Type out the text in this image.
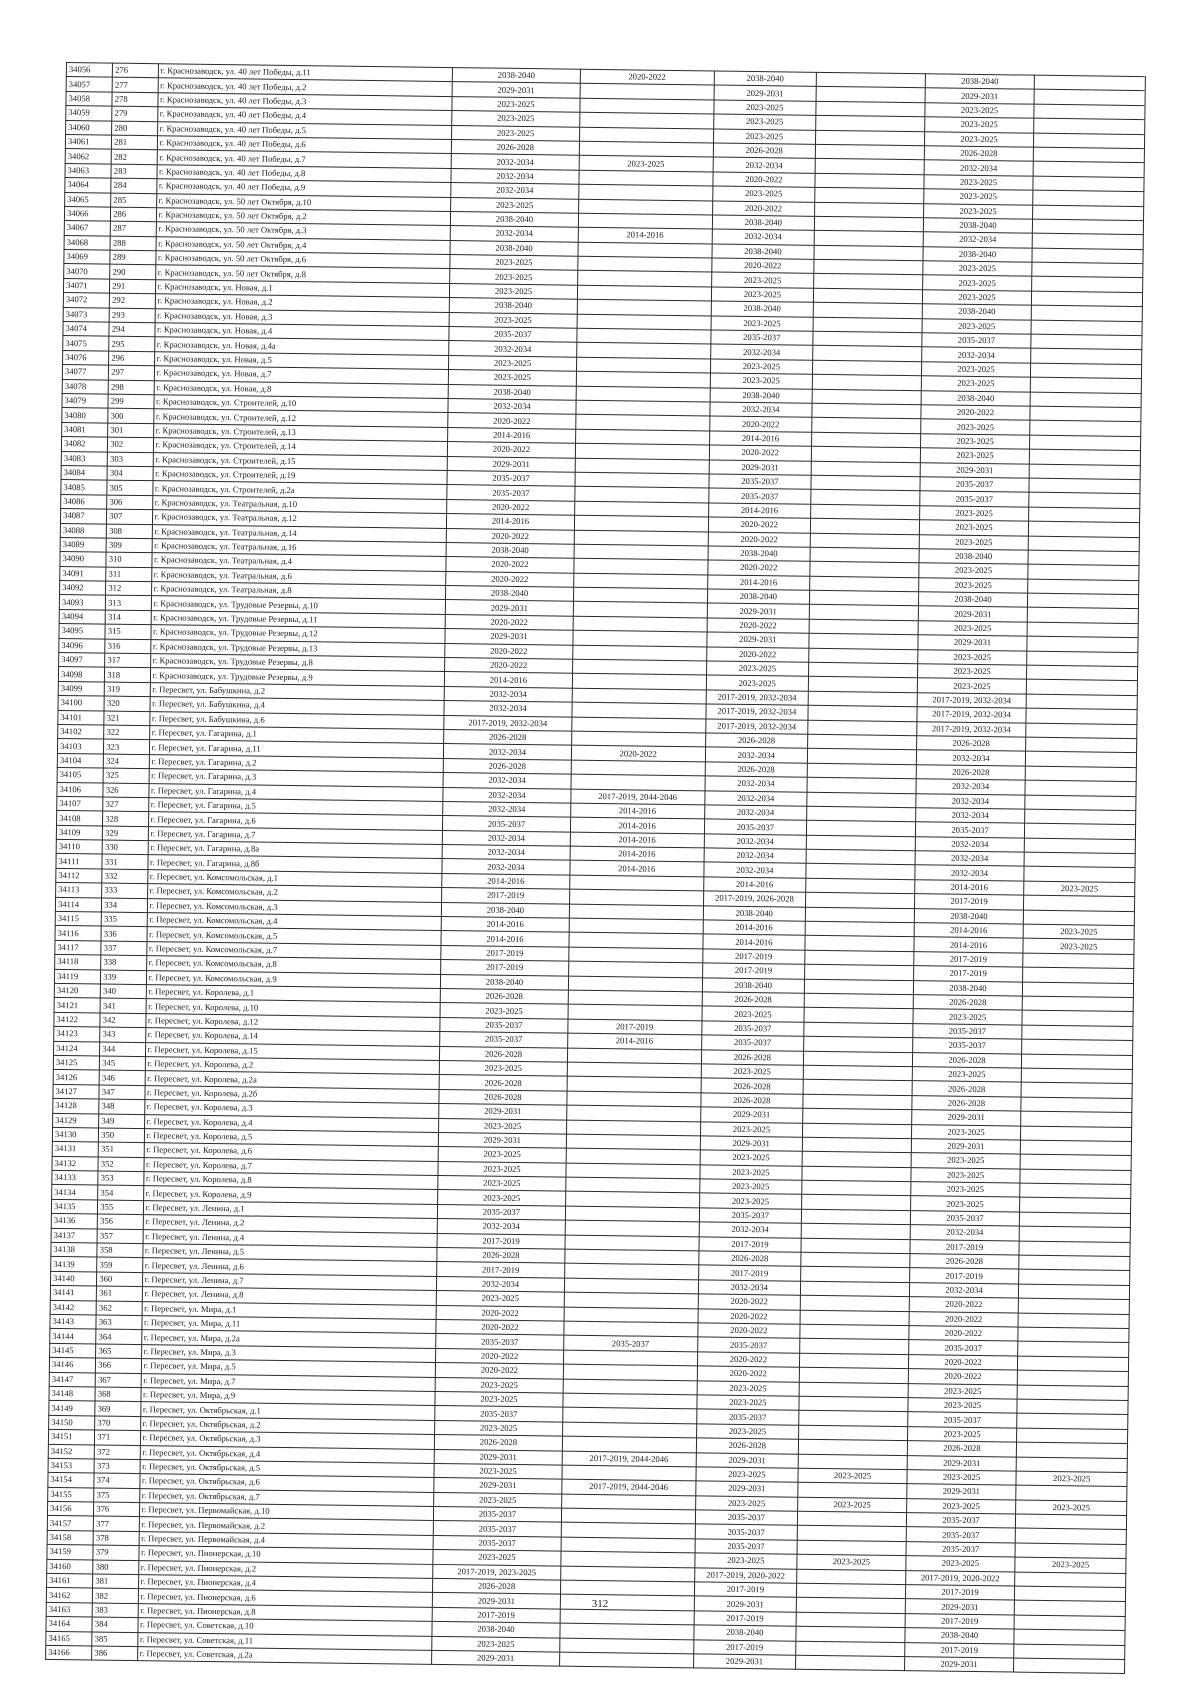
34056	276	г. Краснозаводск, ул. 40 лет Победы, д.11	2038-2040	2020-2022	2038-2040		2038-2040	
34057	277	г. Краснозаводск, ул. 40 лет Победы, д.2	2029-2031		2029-2031		2029-2031	
34058	278	г. Краснозаводск, ул. 40 лет Победы, д.3	2023-2025		2023-2025		2023-2025	
34059	279	г. Краснозаводск, ул. 40 лет Победы, д.4	2023-2025		2023-2025		2023-2025	
34060	280	г. Краснозаводск, ул. 40 лет Победы, д.5	2023-2025		2023-2025		2023-2025	
34061	281	г. Краснозаводск, ул. 40 лет Победы, д.6	2026-2028		2026-2028		2026-2028	
34062	282	г. Краснозаводск, ул. 40 лет Победы, д.7	2032-2034	2023-2025	2032-2034		2032-2034	
34063	283	г. Краснозаводск, ул. 40 лет Победы, д.8	2032-2034		2020-2022		2023-2025	
34064	284	г. Краснозаводск, ул. 40 лет Победы, д.9	2032-2034		2023-2025		2023-2025	
34065	285	г. Краснозаводск, ул. 50 лет Октября, д.10	2023-2025		2020-2022		2023-2025	
34066	286	г. Краснозаводск, ул. 50 лет Октября, д.2	2038-2040		2038-2040		2038-2040	
34067	287	г. Краснозаводск, ул. 50 лет Октября, д.3	2032-2034	2014-2016	2032-2034		2032-2034	
34068	288	г. Краснозаводск, ул. 50 лет Октября, д.4	2038-2040		2038-2040		2038-2040	
34069	289	г. Краснозаводск, ул. 50 лет Октября, д.6	2023-2025		2020-2022		2023-2025	
34070	290	г. Краснозаводск, ул. 50 лет Октября, д.8	2023-2025		2023-2025		2023-2025	
34071	291	г. Краснозаводск, ул. Новая, д.1	2023-2025		2023-2025		2023-2025	
34072	292	г. Краснозаводск, ул. Новая, д.2	2038-2040		2038-2040		2038-2040	
34073	293	г. Краснозаводск, ул. Новая, д.3	2023-2025		2023-2025		2023-2025	
34074	294	г. Краснозаводск, ул. Новая, д.4	2035-2037		2035-2037		2035-2037	
34075	295	г. Краснозаводск, ул. Новая, д.4а	2032-2034		2032-2034		2032-2034	
34076	296	г. Краснозаводск, ул. Новая, д.5	2023-2025		2023-2025		2023-2025	
34077	297	г. Краснозаводск, ул. Новая, д.7	2023-2025		2023-2025		2023-2025	
34078	298	г. Краснозаводск, ул. Новая, д.8	2038-2040		2038-2040		2038-2040	
34079	299	г. Краснозаводск, ул. Строителей, д.10	2032-2034		2032-2034		2020-2022	
34080	300	г. Краснозаводск, ул. Строителей, д.12	2020-2022		2020-2022		2023-2025	
34081	301	г. Краснозаводск, ул. Строителей, д.13	2014-2016		2014-2016		2023-2025	
34082	302	г. Краснозаводск, ул. Строителей, д.14	2020-2022		2020-2022		2023-2025	
34083	303	г. Краснозаводск, ул. Строителей, д.15	2029-2031		2029-2031		2029-2031	
34084	304	г. Краснозаводск, ул. Строителей, д.19	2035-2037		2035-2037		2035-2037	
34085	305	г. Краснозаводск, ул. Строителей, д.2а	2035-2037		2035-2037		2035-2037	
34086	306	г. Краснозаводск, ул. Театральная, д.10	2020-2022		2014-2016		2023-2025	
34087	307	г. Краснозаводск, ул. Театральная, д.12	2014-2016		2020-2022		2023-2025	
34088	308	г. Краснозаводск, ул. Театральная, д.14	2020-2022		2020-2022		2023-2025	
34089	309	г. Краснозаводск, ул. Театральная, д.16	2038-2040		2038-2040		2038-2040	
34090	310	г. Краснозаводск, ул. Театральная, д.4	2020-2022		2020-2022		2023-2025	
34091	311	г. Краснозаводск, ул. Театральная, д.6	2020-2022		2014-2016		2023-2025	
34092	312	г. Краснозаводск, ул. Театральная, д.8	2038-2040		2038-2040		2038-2040	
34093	313	г. Краснозаводск, ул. Трудовые Резервы, д.10	2029-2031		2029-2031		2029-2031	
34094	314	г. Краснозаводск, ул. Трудовые Резервы, д.11	2020-2022		2020-2022		2023-2025	
34095	315	г. Краснозаводск, ул. Трудовые Резервы, д.12	2029-2031		2029-2031		2029-2031	
34096	316	г. Краснозаводск, ул. Трудовые Резервы, д.13	2020-2022		2020-2022		2023-2025	
34097	317	г. Краснозаводск, ул. Трудовые Резервы, д.8	2020-2022		2023-2025		2023-2025	
34098	318	г. Краснозаводск, ул. Трудовые Резервы, д.9	2014-2016		2023-2025		2023-2025	
34099	319	г. Пересвет, ул. Бабушкина, д.2	2032-2034		2017-2019, 2032-2034		2017-2019, 2032-2034	
34100	320	г. Пересвет, ул. Бабушкина, д.4	2032-2034		2017-2019, 2032-2034		2017-2019, 2032-2034	
34101	321	г. Пересвет, ул. Бабушкина, д.6	2017-2019, 2032-2034		2017-2019, 2032-2034		2017-2019, 2032-2034	
34102	322	г. Пересвет, ул. Гагарина, д.1	2026-2028		2026-2028		2026-2028	
34103	323	г. Пересвет, ул. Гагарина, д.11	2032-2034	2020-2022	2032-2034		2032-2034	
34104	324	г. Пересвет, ул. Гагарина, д.2	2026-2028		2026-2028		2026-2028	
34105	325	г. Пересвет, ул. Гагарина, д.3	2032-2034		2032-2034		2032-2034	
34106	326	г. Пересвет, ул. Гагарина, д.4	2032-2034	2017-2019, 2044-2046	2032-2034		2032-2034	
34107	327	г. Пересвет, ул. Гагарина, д.5	2032-2034	2014-2016	2032-2034		2032-2034	
34108	328	г. Пересвет, ул. Гагарина, д.6	2035-2037	2014-2016	2035-2037		2035-2037	
34109	329	г. Пересвет, ул. Гагарина, д.7	2032-2034	2014-2016	2032-2034		2032-2034	
34110	330	г. Пересвет, ул. Гагарина, д.8а	2032-2034	2014-2016	2032-2034		2032-2034	
34111	331	г. Пересвет, ул. Гагарина, д.8б	2032-2034	2014-2016	2032-2034		2032-2034	
34112	332	г. Пересвет, ул. Комсомольская, д.1	2014-2016		2014-2016		2014-2016	2023-2025
34113	333	г. Пересвет, ул. Комсомольская, д.2	2017-2019		2017-2019, 2026-2028		2017-2019	
34114	334	г. Пересвет, ул. Комсомольская, д.3	2038-2040		2038-2040		2038-2040	
34115	335	г. Пересвет, ул. Комсомольская, д.4	2014-2016		2014-2016		2014-2016	2023-2025
34116	336	г. Пересвет, ул. Комсомольская, д.5	2014-2016		2014-2016		2014-2016	2023-2025
34117	337	г. Пересвет, ул. Комсомольская, д.7	2017-2019		2017-2019		2017-2019	
34118	338	г. Пересвет, ул. Комсомольская, д.8	2017-2019		2017-2019		2017-2019	
34119	339	г. Пересвет, ул. Комсомольская, д.9	2038-2040		2038-2040		2038-2040	
34120	340	г. Пересвет, ул. Королева, д.1	2026-2028		2026-2028		2026-2028	
34121	341	г. Пересвет, ул. Королева, д.10	2023-2025		2023-2025		2023-2025	
34122	342	г. Пересвет, ул. Королева, д.12	2035-2037	2017-2019	2035-2037		2035-2037	
34123	343	г. Пересвет, ул. Королева, д.14	2035-2037	2014-2016	2035-2037		2035-2037	
34124	344	г. Пересвет, ул. Королева, д.15	2026-2028		2026-2028		2026-2028	
34125	345	г. Пересвет, ул. Королева, д.2	2023-2025		2023-2025		2023-2025	
34126	346	г. Пересвет, ул. Королева, д.2а	2026-2028		2026-2028		2026-2028	
34127	347	г. Пересвет, ул. Королева, д.2б	2026-2028		2026-2028		2026-2028	
34128	348	г. Пересвет, ул. Королева, д.3	2029-2031		2029-2031		2029-2031	
34129	349	г. Пересвет, ул. Королева, д.4	2023-2025		2023-2025		2023-2025	
34130	350	г. Пересвет, ул. Королева, д.5	2029-2031		2029-2031		2029-2031	
34131	351	г. Пересвет, ул. Королева, д.6	2023-2025		2023-2025		2023-2025	
34132	352	г. Пересвет, ул. Королева, д.7	2023-2025		2023-2025		2023-2025	
34133	353	г. Пересвет, ул. Королева, д.8	2023-2025		2023-2025		2023-2025	
34134	354	г. Пересвет, ул. Королева, д.9	2023-2025		2023-2025		2023-2025	
34135	355	г. Пересвет, ул. Ленина, д.1	2035-2037		2035-2037		2035-2037	
34136	356	г. Пересвет, ул. Ленина, д.2	2032-2034		2032-2034		2032-2034	
34137	357	г. Пересвет, ул. Ленина, д.4	2017-2019		2017-2019		2017-2019	
34138	358	г. Пересвет, ул. Ленина, д.5	2026-2028		2026-2028		2026-2028	
34139	359	г. Пересвет, ул. Ленина, д.6	2017-2019		2017-2019		2017-2019	
34140	360	г. Пересвет, ул. Ленина, д.7	2032-2034		2032-2034		2032-2034	
34141	361	г. Пересвет, ул. Ленина, д.8	2023-2025		2020-2022		2020-2022	
34142	362	г. Пересвет, ул. Мира, д.1	2020-2022		2020-2022		2020-2022	
34143	363	г. Пересвет, ул. Мира, д.11	2020-2022		2020-2022		2020-2022	
34144	364	г. Пересвет, ул. Мира, д.2а	2035-2037	2035-2037	2035-2037		2035-2037	
34145	365	г. Пересвет, ул. Мира, д.3	2020-2022		2020-2022		2020-2022	
34146	366	г. Пересвет, ул. Мира, д.5	2020-2022		2020-2022		2020-2022	
34147	367	г. Пересвет, ул. Мира, д.7	2023-2025		2023-2025		2023-2025	
34148	368	г. Пересвет, ул. Мира, д.9	2023-2025		2023-2025		2023-2025	
34149	369	г. Пересвет, ул. Октябрьская, д.1	2035-2037		2035-2037		2035-2037	
34150	370	г. Пересвет, ул. Октябрьская, д.2	2023-2025		2023-2025		2023-2025	
34151	371	г. Пересвет, ул. Октябрьская, д.3	2026-2028		2026-2028		2026-2028	
34152	372	г. Пересвет, ул. Октябрьская, д.4	2029-2031	2017-2019, 2044-2046	2029-2031		2029-2031	
34153	373	г. Пересвет, ул. Октябрьская, д.5	2023-2025		2023-2025	2023-2025	2023-2025	2023-2025
34154	374	г. Пересвет, ул. Октябрьская, д.6	2029-2031	2017-2019, 2044-2046	2029-2031		2029-2031	
34155	375	г. Пересвет, ул. Октябрьская, д.7	2023-2025		2023-2025	2023-2025	2023-2025	2023-2025
34156	376	г. Пересвет, ул. Первомайская, д.10	2035-2037		2035-2037		2035-2037	
34157	377	г. Пересвет, ул. Первомайская, д.2	2035-2037		2035-2037		2035-2037	
34158	378	г. Пересвет, ул. Первомайская, д.4	2035-2037		2035-2037		2035-2037	
34159	379	г. Пересвет, ул. Пионерская, д.10	2023-2025		2023-2025	2023-2025	2023-2025	2023-2025
34160	380	г. Пересвет, ул. Пионерская, д.2	2017-2019, 2023-2025		2017-2019, 2020-2022		2017-2019, 2020-2022	
34161	381	г. Пересвет, ул. Пионерская, д.4	2026-2028		2017-2019		2017-2019	
34162	382	г. Пересвет, ул. Пионерская, д.6	2029-2031		2029-2031		2029-2031	
34163	383	г. Пересвет, ул. Пионерская, д.8	2017-2019		2017-2019		2017-2019	
34164	384	г. Пересвет, ул. Советская, д.10	2038-2040		2038-2040		2038-2040	
34165	385	г. Пересвет, ул. Советская, д.11	2023-2025		2017-2019		2017-2019	
34166	386	г. Пересвет, ул. Советская, д.2а	2029-2031		2029-2031		2029-2031	
312
